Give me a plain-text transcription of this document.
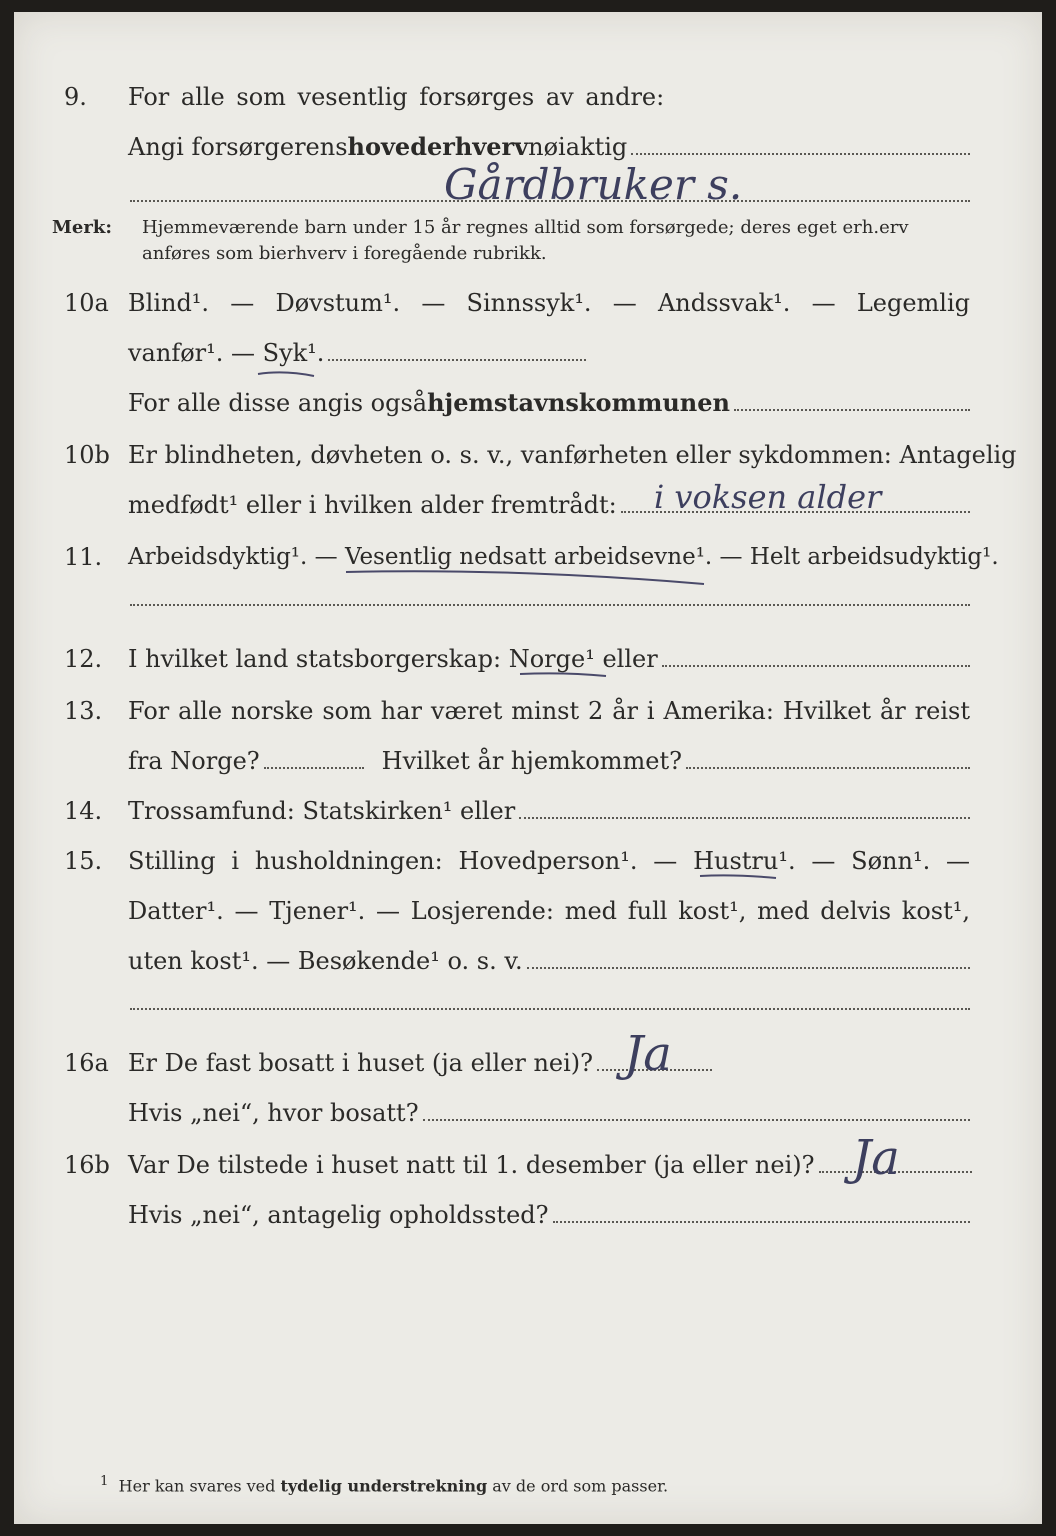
9.	For alle som vesentlig forsørges av andre:
Angi forsørgerens hovederhverv nøiaktig
Gårdbruker s.
Merk: Hjemmeværende barn under 15 år regnes alltid som forsørgede; deres eget erh.erv
anføres som bierhverv i foregående rubrikk.
10a Blind¹. — Døvstum¹. — Sinnssyk¹. — Andssvak¹. — Legemlig
vanfør¹. — Syk¹.
For alle disse angis også hjemstavnskommunen
10b Er blindheten, døvheten o. s. v., vanførheten eller sykdommen: Antagelig
medfødt¹ eller i hvilken alder fremtrådt: i voksen alder
11.	Arbeidsdyktig¹. — Vesentlig nedsatt arbeidsevne¹. — Helt arbeidsudyktig¹.
12.	I hvilket land statsborgerskap: Norge¹ eller
13.	For alle norske som har været minst 2 år i Amerika: Hvilket år reist
fra Norge?	Hvilket år hjemkommet?
14.	Trossamfund: Statskirken¹ eller
15.	Stilling i husholdningen: Hovedperson¹. — Hustru¹. — Sønn¹. —
Datter¹. — Tjener¹. — Losjerende: med full kost¹, med delvis kost¹,
uten kost¹. — Besøkende¹ o. s. v.
16a Er De fast bosatt i huset (ja eller nei)? Ja
Hvis „nei“, hvor bosatt?
16b Var De tilstede i huset natt til 1. desember (ja eller nei)? Ja
Hvis „nei“, antagelig opholdssted?
$^1$ Her kan svares ved tydelig understrekning av de ord som passer.
